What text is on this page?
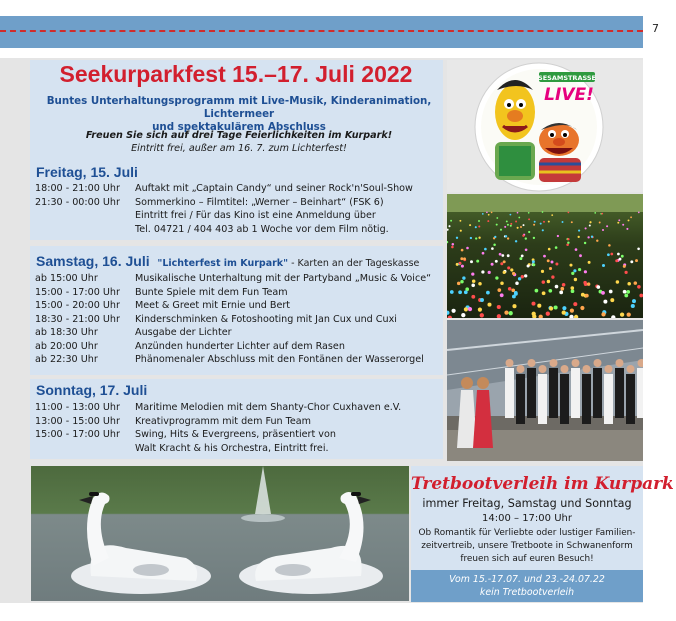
7
Seekurparkfest 15.–17. Juli 2022
Buntes Unterhaltungsprogramm mit Live-Musik, Kinderanimation, Lichtermeer
und spektakulärem Abschluss
Freuen Sie sich auf drei Tage Feierlichkeiten im Kurpark!
Eintritt frei, außer am 16. 7. zum Lichterfest!
Freitag, 15. Juli
18:00 - 21:00 Uhr	Auftakt mit „Captain Candy“ und seiner Rock'n'Soul-Show
21:30 - 00:00 Uhr	Sommerkino – Filmtitel: „Werner – Beinhart“ (FSK 6)
Eintritt frei / Für das Kino ist eine Anmeldung über
Tel. 04721 / 404 403 ab 1 Woche vor dem Film nötig.
Samstag, 16. Juli "Lichterfest im Kurpark" - Karten an der Tageskasse
ab 15:00 Uhr	Musikalische Unterhaltung mit der Partyband „Music & Voice“
15:00 - 17:00 Uhr	Bunte Spiele mit dem Fun Team
15:00 - 20:00 Uhr	Meet & Greet mit Ernie und Bert
18:30 - 21:00 Uhr	Kinderschminken & Fotoshooting mit Jan Cux und Cuxi
ab 18:30 Uhr	Ausgabe der Lichter
ab 20:00 Uhr	Anzünden hunderter Lichter auf dem Rasen
ab 22:30 Uhr	Phänomenaler Abschluss mit den Fontänen der Wasserorgel
Sonntag, 17. Juli
11:00 - 13:00 Uhr	Maritime Melodien mit dem Shanty-Chor Cuxhaven e.V.
13:00 - 15:00 Uhr	Kreativprogramm mit dem Fun Team
15:00 - 17:00 Uhr	Swing, Hits & Evergreens, präsentiert von
Walt Kracht & his Orchestra, Eintritt frei.
SESAMSTRASSE
LIVE!
Tretbootverleih im Kurpark
immer Freitag, Samstag und Sonntag
14:00 – 17:00 Uhr
Ob Romantik für Verliebte oder lustiger Familien-
zeitvertreib, unsere Tretboote in Schwanenform
freuen sich auf euren Besuch!
Vom 15.-17.07. und 23.-24.07.22
kein Tretbootverleih
